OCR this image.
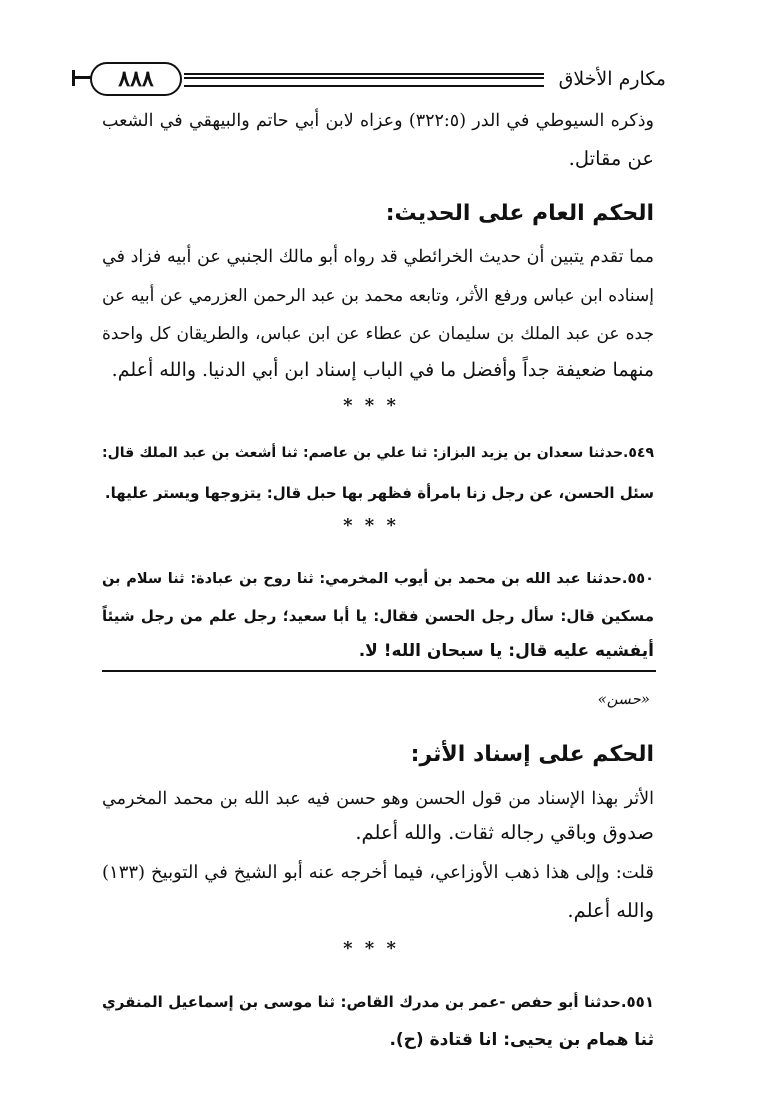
مكارم الأخلاق
٨٨٨
وذكره السيوطي في الدر (٣٢٢:٥) وعزاه لابن أبي حاتم والبيهقي في الشعب
عن مقاتل.
الحكم العام على الحديث:
مما تقدم يتبين أن حديث الخرائطي قد رواه أبو مالك الجنبي عن أبيه فزاد في
إسناده ابن عباس ورفع الأثر، وتابعه محمد بن عبد الرحمن العزرمي عن أبيه عن
جده عن عبد الملك بن سليمان عن عطاء عن ابن عباس، والطريقان كل واحدة
منهما ضعيفة جداً وأفضل ما في الباب إسناد ابن أبي الدنيا. والله أعلم.
* * *
٥٤٩.حدثنا سعدان بن يزيد البزاز: ثنا علي بن عاصم: ثنا أشعث بن عبد الملك قال:
سئل الحسن، عن رجل زنا بامرأة فظهر بها حبل قال: يتزوجها ويستر عليها.
* * *
٥٥٠.حدثنا عبد الله بن محمد بن أيوب المخرمي: ثنا روح بن عبادة: ثنا سلام بن
مسكين قال: سأل رجل الحسن فقال: يا أبا سعيد؛ رجل علم من رجل شيئاً
أيفشيه عليه قال: يا سبحان الله! لا.
«حسن»
الحكم على إسناد الأثر:
الأثر بهذا الإسناد من قول الحسن وهو حسن فيه عبد الله بن محمد المخرمي
صدوق وباقي رجاله ثقات. والله أعلم.
قلت: وإلى هذا ذهب الأوزاعي، فيما أخرجه عنه أبو الشيخ في التوبيخ (١٣٣)
والله أعلم.
* * *
٥٥١.حدثنا أبو حفص -عمر بن مدرك القاص: ثنا موسى بن إسماعيل المنقري
ثنا همام بن يحيى: انا قتادة (ح).
